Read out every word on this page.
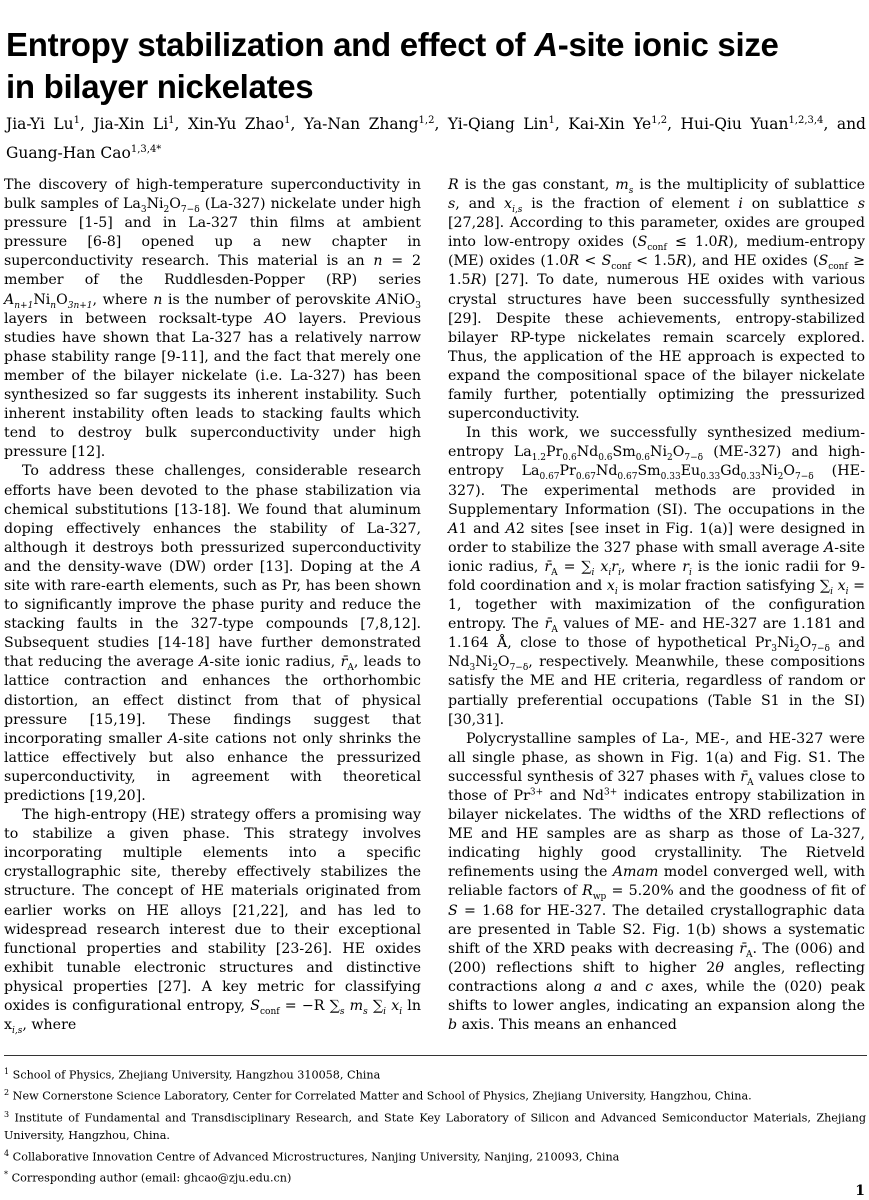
Entropy stabilization and effect of A-site ionic size
in bilayer nickelates

Jia-Yi Lu$^1$, Jia-Xin Li$^1$, Xin-Yu Zhao$^1$, Ya-Nan Zhang$^{1,2}$, Yi-Qiang Lin$^1$, Kai-Xin Ye$^{1,2}$, Hui-Qiu Yuan$^{1,2,3,4}$, and Guang-Han Cao$^{1,3,4*}$

The discovery of high-temperature superconductivity in bulk samples of $La_3Ni_2O_{7-\delta}$ (La-327) nickelate under high pressure [1-5] and in La-327 thin films at ambient pressure [6-8] opened up a new chapter in superconductivity research. This material is an n = 2 member of the Ruddlesden-Popper (RP) series $A_{n+1}Ni_nO_{3n+1}$, where n is the number of perovskite ANiO$_3$ layers in between rocksalt-type AO layers. Previous studies have shown that La-327 has a relatively narrow phase stability range [9-11], and the fact that merely one member of the bilayer nickelate (i.e. La-327) has been synthesized so far suggests its inherent instability. Such inherent instability often leads to stacking faults which tend to destroy bulk superconductivity under high pressure [12].

To address these challenges, considerable research efforts have been devoted to the phase stabilization via chemical substitutions [13-18]. We found that aluminum doping effectively enhances the stability of La-327, although it destroys both pressurized superconductivity and the density-wave (DW) order [13]. Doping at the A site with rare-earth elements, such as Pr, has been shown to significantly improve the phase purity and reduce the stacking faults in the 327-type compounds [7,8,12]. Subsequent studies [14-18] have further demonstrated that reducing the average A-site ionic radius, $r̄_A$, leads to lattice contraction and enhances the orthorhombic distortion, an effect distinct from that of physical pressure [15,19]. These findings suggest that incorporating smaller A-site cations not only shrinks the lattice effectively but also enhance the pressurized superconductivity, in agreement with theoretical predictions [19,20].

The high-entropy (HE) strategy offers a promising way to stabilize a given phase. This strategy involves incorporating multiple elements into a specific crystallographic site, thereby effectively stabilizes the structure. The concept of HE materials originated from earlier works on HE alloys [21,22], and has led to widespread research interest due to their exceptional functional properties and stability [23-26]. HE oxides exhibit tunable electronic structures and distinctive physical properties [27]. A key metric for classifying oxides is configurational entropy, $S_{conf} = -R$ $\sum_s$ $m_s$ $\sum_i$ $x_i$ $\ln x_{i,s}$, where

R is the gas constant, $m_s$ is the multiplicity of sublattice s, and $x_{i,s}$ is the fraction of element i on sublattice s [27,28]. According to this parameter, oxides are grouped into low-entropy oxides $(S_{conf} \le 1.0R)$, medium-entropy (ME) oxides $(1.0R < S_{conf} < 1.5R)$, and HE oxides $(S_{conf} \ge 1.5R)$ [27]. To date, numerous HE oxides with various crystal structures have been successfully synthesized [29]. Despite these achievements, entropy-stabilized bilayer RP-type nickelates remain scarcely explored. Thus, the application of the HE approach is expected to expand the compositional space of the bilayer nickelate family further, potentially optimizing the pressurized superconductivity.

In this work, we successfully synthesized medium-entropy $La_{1.2}Pr_{0.6}Nd_{0.6}Sm_{0.6}Ni_2O_{7-\delta}$ (ME-327) and high-entropy $La_{0.67}Pr_{0.67}Nd_{0.67}Sm_{0.33}Eu_{0.33}Gd_{0.33}Ni_2O_{7-\delta}$ (HE-327). The experimental methods are provided in Supplementary Information (SI). The occupations in the A1 and A2 sites [see inset in Fig. 1(a)] were designed in order to stabilize the 327 phase with small average A-site ionic radius, $r̄_A = \sum_i$ $x_ir_i$, where $r_i$ is the ionic radii for 9-fold coordination and $x_i$ is molar fraction satisfying $\sum_i$ $x_i = 1$, together with maximization of the configuration entropy. The $r̄_A$ values of ME- and HE-327 are 1.181 and 1.164 Å, close to those of hypothetical $Pr_3Ni_2O_{7-\delta}$ and $Nd_3Ni_2O_{7-\delta}$, respectively. Meanwhile, these compositions satisfy the ME and HE criteria, regardless of random or partially preferential occupations (Table S1 in the SI) [30,31].

Polycrystalline samples of La-, ME-, and HE-327 were all single phase, as shown in Fig. 1(a) and Fig. S1. The successful synthesis of 327 phases with $r̄_A$ values close to those of $Pr^{3+}$ and $Nd^{3+}$ indicates entropy stabilization in bilayer nickelates. The widths of the XRD reflections of ME and HE samples are as sharp as those of La-327, indicating highly good crystallinity. The Rietveld refinements using the Amam model converged well, with reliable factors of $R_{wp} = 5.20\%$ and the goodness of fit of S = 1.68 for HE-327. The detailed crystallographic data are presented in Table S2. Fig. 1(b) shows a systematic shift of the XRD peaks with decreasing $r̄_A$. The (006) and (200) reflections shift to higher 2θ angles, reflecting contractions along a and c axes, while the (020) peak shifts to lower angles, indicating an expansion along the b axis. This means an enhanced

$^1$ School of Physics, Zhejiang University, Hangzhou 310058, China
$^2$ New Cornerstone Science Laboratory, Center for Correlated Matter and School of Physics, Zhejiang University, Hangzhou, China.
$^3$ Institute of Fundamental and Transdisciplinary Research, and State Key Laboratory of Silicon and Advanced Semiconductor Materials, Zhejiang University, Hangzhou, China.
$^4$ Collaborative Innovation Centre of Advanced Microstructures, Nanjing University, Nanjing, 210093, China
* Corresponding author (email: ghcao@zju.edu.cn)
1
